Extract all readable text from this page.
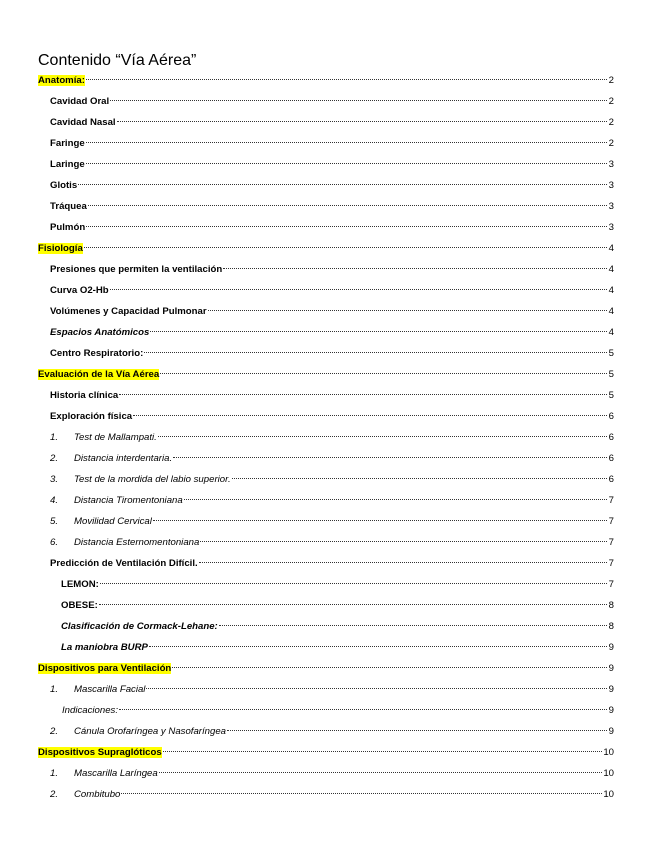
Contenido “Vía Aérea”
Anatomía:	2
Cavidad Oral	2
Cavidad Nasal	2
Faringe	2
Laringe	3
Glotis	3
Tráquea	3
Pulmón	3
Fisiología	4
Presiones que permiten la ventilación	4
Curva O2-Hb	4
Volúmenes y Capacidad Pulmonar	4
Espacios Anatómicos	4
Centro Respiratorio:	5
Evaluación de la Vía Aérea	5
Historia clínica	5
Exploración física	6
1. Test de Mallampati.	6
2. Distancia interdentaria.	6
3. Test de la mordida del labio superior.	6
4. Distancia Tiromentoniana	7
5. Movilidad Cervical	7
6. Distancia Esternomentoniana	7
Predicción de Ventilación Difícil.	7
LEMON:	7
OBESE:	8
Clasificación de Cormack-Lehane:	8
La maniobra BURP	9
Dispositivos para Ventilación	9
1. Mascarilla Facial	9
Indicaciones:	9
2. Cánula Orofaríngea y Nasofaríngea	9
Dispositivos Supraglóticos	10
1. Mascarilla Laríngea	10
2. Combitubo	10
